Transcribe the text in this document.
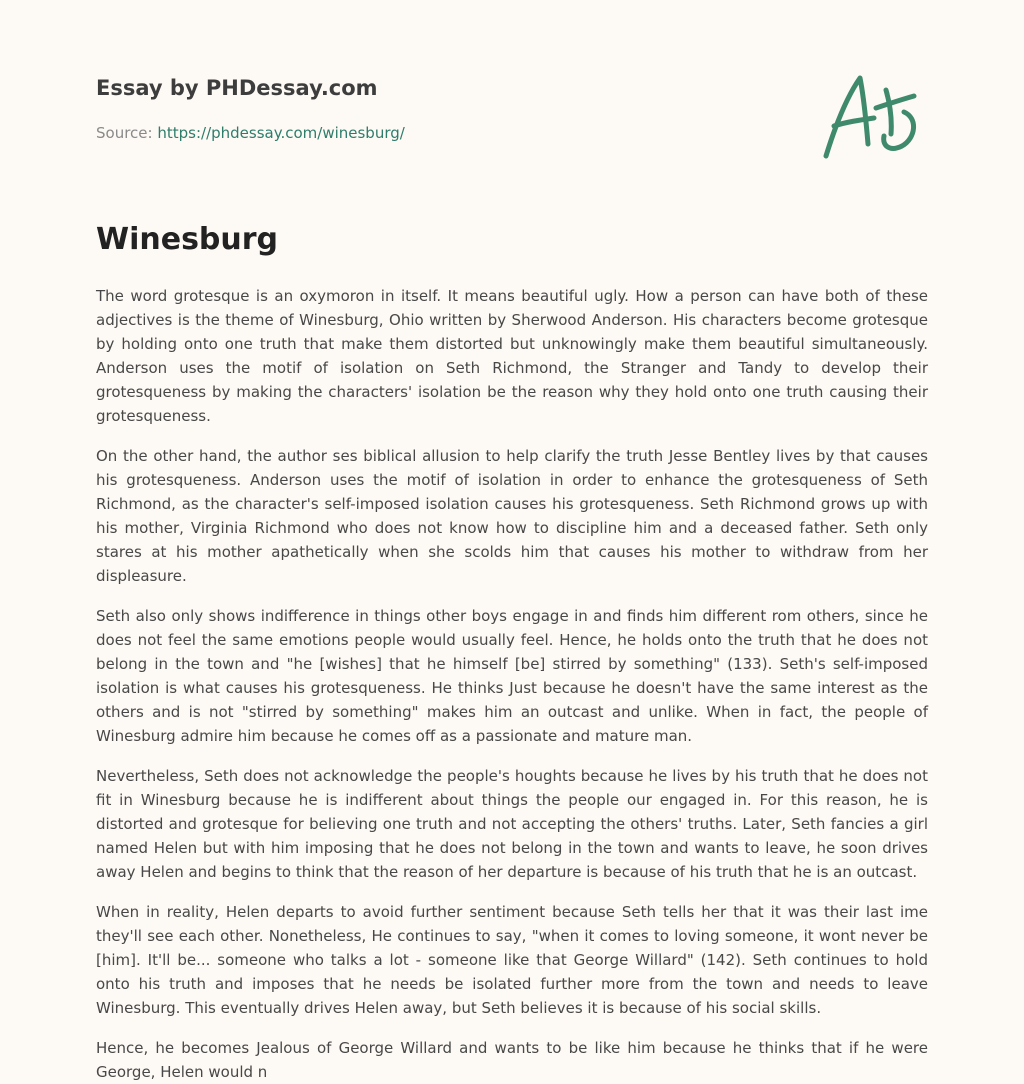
Essay by PHDessay.com
Source: https://phdessay.com/winesburg/
Winesburg

The word grotesque is an oxymoron in itself. It means beautiful ugly. How a person can have both of these adjectives is the theme of Winesburg, Ohio written by Sherwood Anderson. His characters become grotesque by holding onto one truth that make them distorted but unknowingly make them beautiful simultaneously. Anderson uses the motif of isolation on Seth Richmond, the Stranger and Tandy to develop their grotesqueness by making the characters' isolation be the reason why they hold onto one truth causing their grotesqueness.

On the other hand, the author ses biblical allusion to help clarify the truth Jesse Bentley lives by that causes his grotesqueness. Anderson uses the motif of isolation in order to enhance the grotesqueness of Seth Richmond, as the character's self-imposed isolation causes his grotesqueness. Seth Richmond grows up with his mother, Virginia Richmond who does not know how to discipline him and a deceased father. Seth only stares at his mother apathetically when she scolds him that causes his mother to withdraw from her displeasure.

Seth also only shows indifference in things other boys engage in and finds him different rom others, since he does not feel the same emotions people would usually feel. Hence, he holds onto the truth that he does not belong in the town and "he [wishes] that he himself [be] stirred by something" (133). Seth's self-imposed isolation is what causes his grotesqueness. He thinks Just because he doesn't have the same interest as the others and is not "stirred by something" makes him an outcast and unlike. When in fact, the people of Winesburg admire him because he comes off as a passionate and mature man.

Nevertheless, Seth does not acknowledge the people's houghts because he lives by his truth that he does not fit in Winesburg because he is indifferent about things the people our engaged in. For this reason, he is distorted and grotesque for believing one truth and not accepting the others' truths. Later, Seth fancies a girl named Helen but with him imposing that he does not belong in the town and wants to leave, he soon drives away Helen and begins to think that the reason of her departure is because of his truth that he is an outcast.

When in reality, Helen departs to avoid further sentiment because Seth tells her that it was their last ime they'll see each other. Nonetheless, He continues to say, "when it comes to loving someone, it wont never be [him]. It'll be... someone who talks a lot - someone like that George Willard" (142). Seth continues to hold onto his truth and imposes that he needs be isolated further more from the town and needs to leave Winesburg. This eventually drives Helen away, but Seth believes it is because of his social skills.

Hence, he becomes Jealous of George Willard and wants to be like him because he thinks that if he were George, Helen would n
